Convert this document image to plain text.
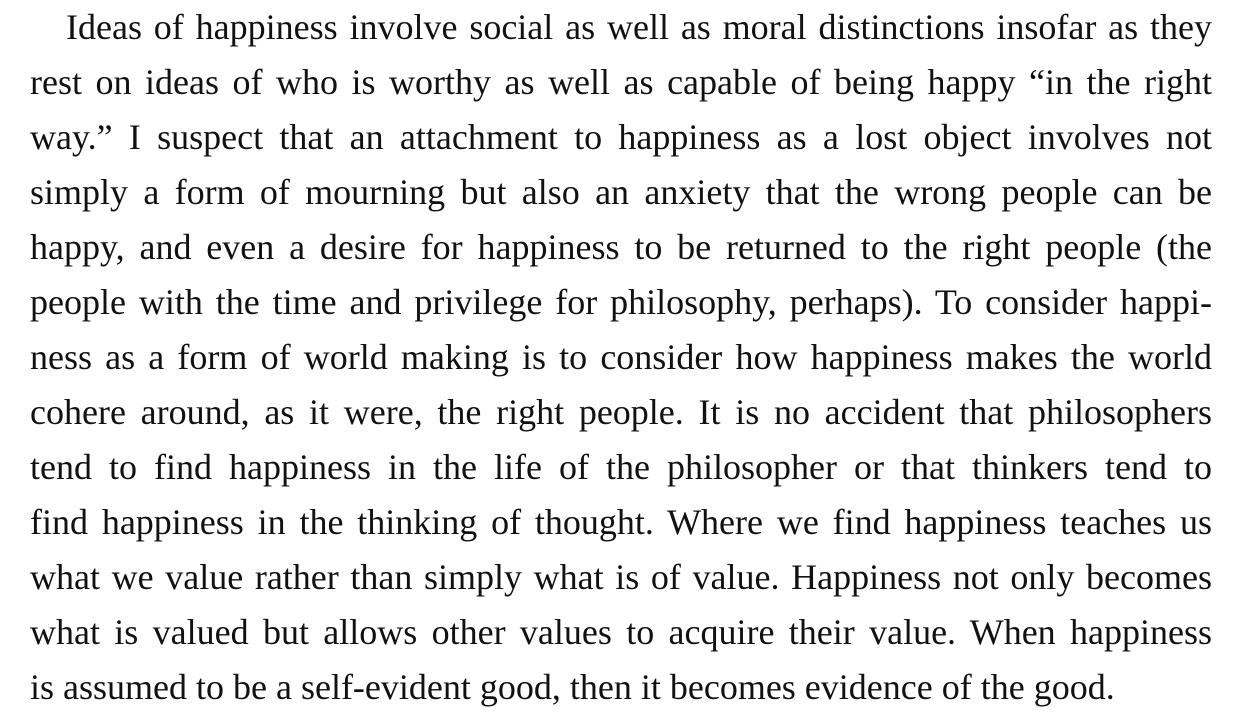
Ideas of happiness involve social as well as moral distinctions insofar as they
rest on ideas of who is worthy as well as capable of being happy “in the right
way.” I suspect that an attachment to happiness as a lost object involves not
simply a form of mourning but also an anxiety that the wrong people can be
happy, and even a desire for happiness to be returned to the right people (the
people with the time and privilege for philosophy, perhaps). To consider happi-
ness as a form of world making is to consider how happiness makes the world
cohere around, as it were, the right people. It is no accident that philosophers
tend to find happiness in the life of the philosopher or that thinkers tend to
find happiness in the thinking of thought. Where we find happiness teaches us
what we value rather than simply what is of value. Happiness not only becomes
what is valued but allows other values to acquire their value. When happiness
is assumed to be a self-evident good, then it becomes evidence of the good.
